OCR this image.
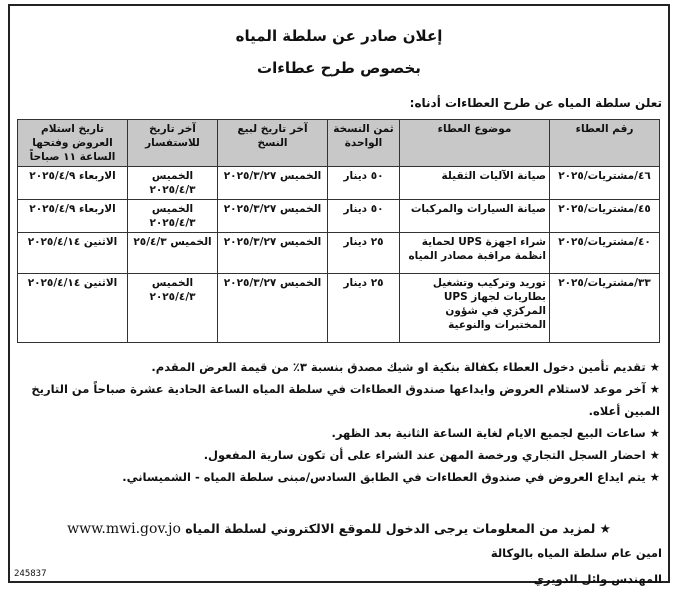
إعلان صادر عن سلطة المياه
بخصوص طرح عطاءات
تعلن سلطة المياه عن طرح العطاءات أدناه:
رقم العطاء	موضوع العطاء	ثمن النسخة الواحدة	آخر تاريخ لبيع النسخ	آخر تاريخ للاستفسار	تاريخ استلام العروض وفتحها الساعة ١١ صباحاً
٤٦/مشتريات/٢٠٢٥	صيانة الآليات الثقيلة	٥٠ دينار	الخميس ٢٠٢٥/٣/٢٧	الخميس ٢٠٢٥/٤/٣	الاربعاء ٢٠٢٥/٤/٩
٤٥/مشتريات/٢٠٢٥	صيانة السيارات والمركبات	٥٠ دينار	الخميس ٢٠٢٥/٣/٢٧	الخميس ٢٠٢٥/٤/٣	الاربعاء ٢٠٢٥/٤/٩
٤٠/مشتريات/٢٠٢٥	شراء اجهزة UPS لحماية انظمة مراقبة مصادر المياه	٢٥ دينار	الخميس ٢٠٢٥/٣/٢٧	الخميس ٢٥/٤/٣	الاثنين ٢٠٢٥/٤/١٤
٣٣/مشتريات/٢٠٢٥	توريد وتركيب وتشغيل بطاريات لجهاز UPS المركزي في شؤون المختبرات والنوعية	٢٥ دينار	الخميس ٢٠٢٥/٣/٢٧	الخميس ٢٠٢٥/٤/٣	الاثنين ٢٠٢٥/٤/١٤
★ تقديم تأمين دخول العطاء بكفالة بنكية او شيك مصدق بنسبة ٣٪ من قيمة العرض المقدم.
★ آخر موعد لاستلام العروض وايداعها صندوق العطاءات في سلطة المياه الساعة الحادية عشرة صباحاً من التاريخ المبين أعلاه.
★ ساعات البيع لجميع الايام لغاية الساعة الثانية بعد الظهر.
★ احضار السجل التجاري ورخصة المهن عند الشراء على أن تكون سارية المفعول.
★ يتم ايداع العروض في صندوق العطاءات في الطابق السادس/مبنى سلطة المياه - الشميساني.
★ لمزيد من المعلومات يرجى الدخول للموقع الالكتروني لسلطة المياه www.mwi.gov.jo
امين عام سلطة المياه بالوكالة
المهندس وائل الدويري
245837
